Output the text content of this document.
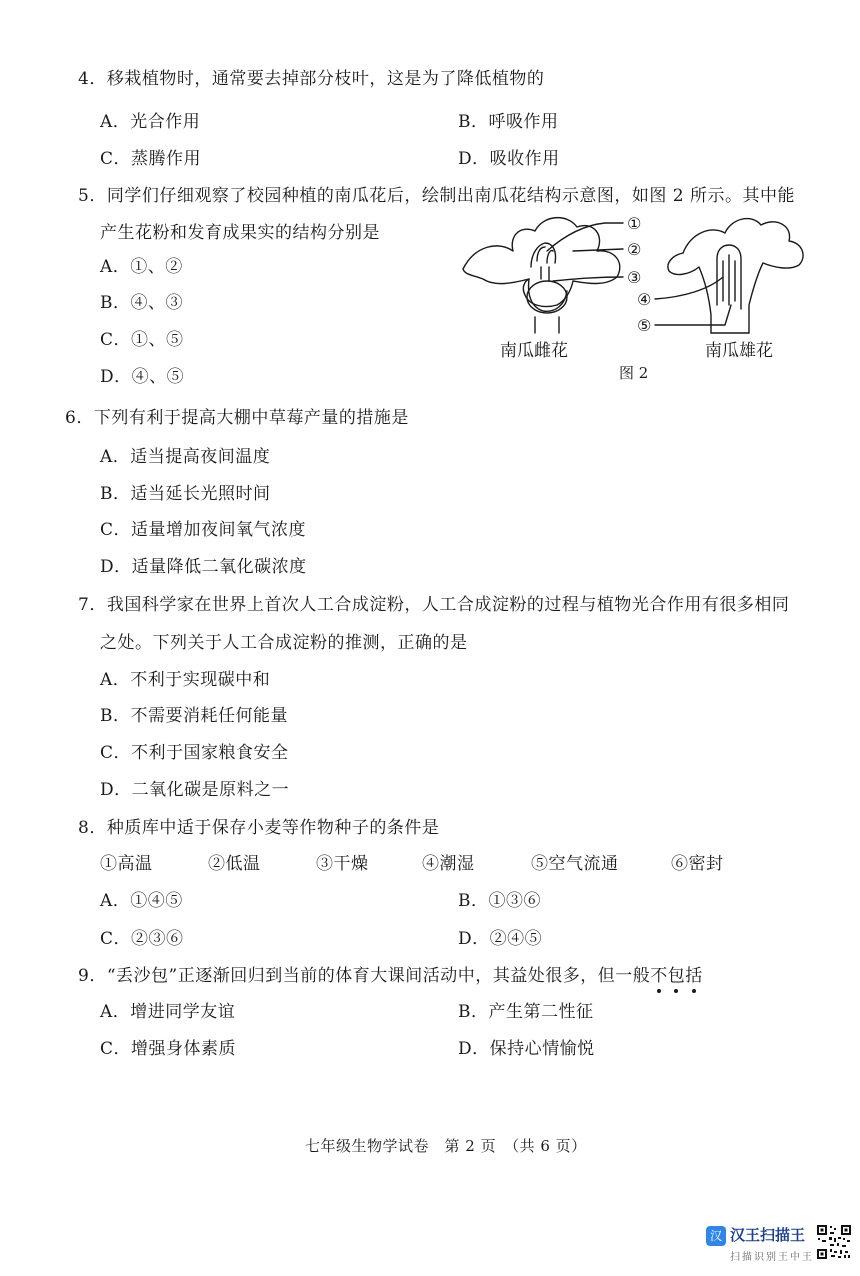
4．移栽植物时，通常要去掉部分枝叶，这是为了降低植物的
A．光合作用	B．呼吸作用
C．蒸腾作用	D．吸收作用
5．同学们仔细观察了校园种植的南瓜花后，绘制出南瓜花结构示意图，如图 2 所示。其中能
产生花粉和发育成果实的结构分别是
A．①、②
B．④、③
C．①、⑤
D．④、⑤
①
②
③
④
⑤
南瓜雌花	南瓜雄花
图 2
6．下列有利于提高大棚中草莓产量的措施是
A．适当提高夜间温度
B．适当延长光照时间
C．适量增加夜间氧气浓度
D．适量降低二氧化碳浓度
7．我国科学家在世界上首次人工合成淀粉，人工合成淀粉的过程与植物光合作用有很多相同
之处。下列关于人工合成淀粉的推测，正确的是
A．不利于实现碳中和
B．不需要消耗任何能量
C．不利于国家粮食安全
D．二氧化碳是原料之一
8．种质库中适于保存小麦等作物种子的条件是
①高温	②低温	③干燥	④潮湿	⑤空气流通	⑥密封
A．①④⑤	B．①③⑥
C．②③⑥	D．②④⑤
9．“丢沙包”正逐渐回归到当前的体育大课间活动中，其益处很多，但一般不
包
括
A．增进同学友谊	B．产生第二性征
C．增强身体素质	D．保持心情愉悦
七年级生物学试卷　第 2 页　（共 6 页）
汉 汉王扫描王
扫描识别王中王
